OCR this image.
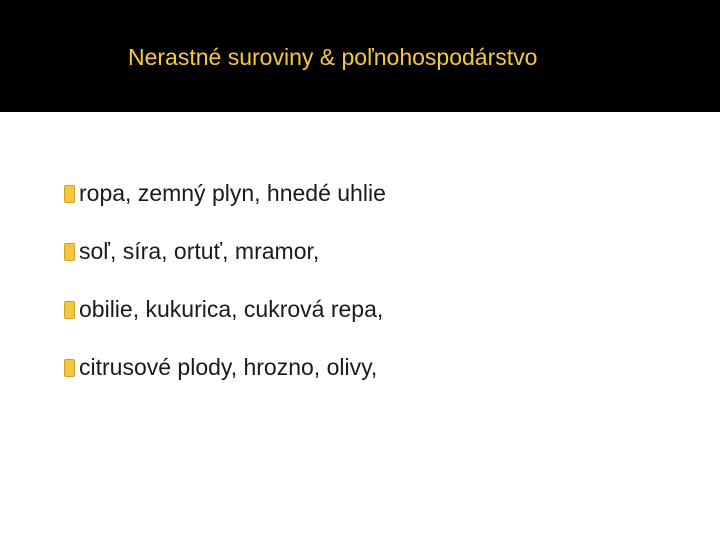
Nerastné suroviny & poľnohospodárstvo
ropa, zemný plyn, hnedé uhlie
soľ, síra, ortuť, mramor,
obilie, kukurica, cukrová repa,
citrusové plody, hrozno, olivy,
